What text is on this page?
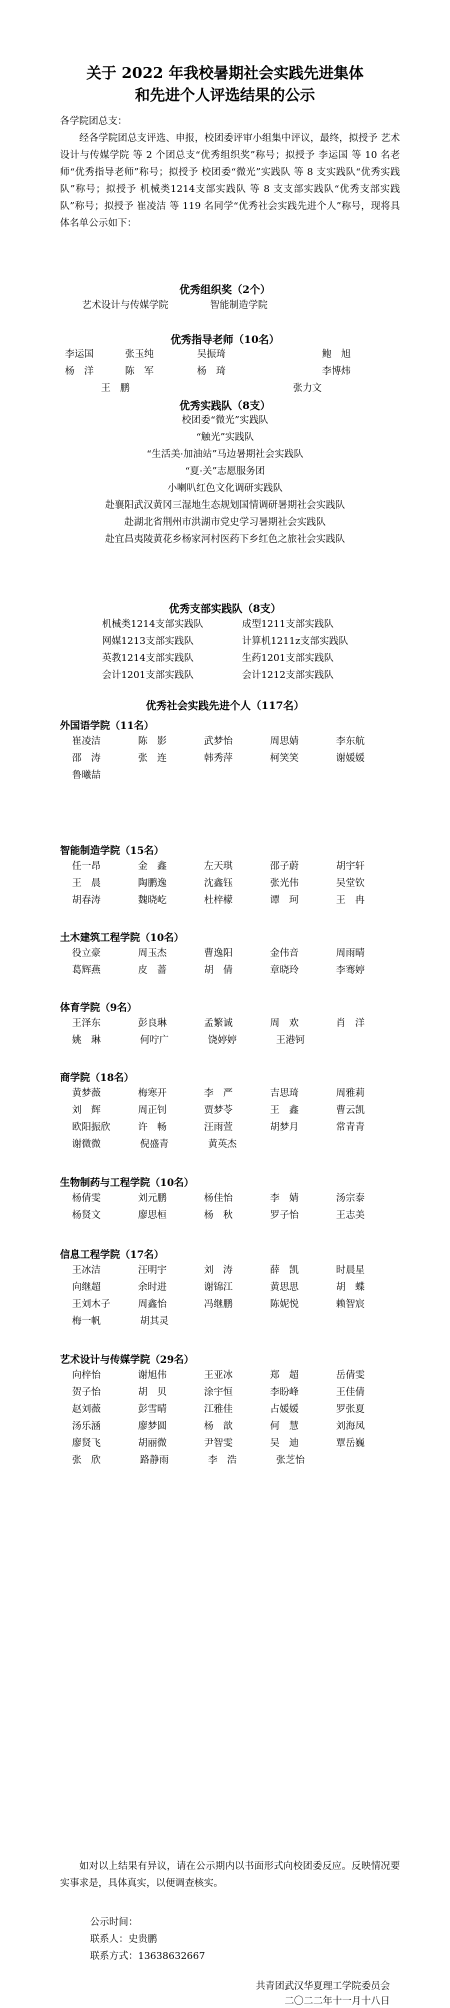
关于 2022 年我校暑期社会实践先进集体
和先进个人评选结果的公示

各学院团总支：

经各学院团总支评选、申报，校团委评审小组集中评议，最终，拟授予 艺术设计与传媒学院 等 2 个团总支“优秀组织奖”称号；拟授予 李运国 等 10 名老师“优秀指导老师”称号；拟授予 校团委“微光”实践队 等 8 支实践队“优秀实践队”称号；拟授予 机械类1214支部实践队 等 8 支支部实践队“优秀支部实践队”称号；拟授予 崔凌洁 等 119 名同学“优秀社会实践先进个人”称号，现将具体名单公示如下：

优秀组织奖（2个）
艺术设计与传媒学院	智能制造学院
优秀指导老师（10名）
李运国	张玉纯	吴振琦	鲍　旭
杨　洋	陈　军	杨　琦	李博炜
王　鹏	张力文
优秀实践队（8支）
校团委“微光”实践队
“触光”实践队
“生活美·加油站”马边暑期社会实践队
“夏·关”志愿服务团
小喇叭红色文化调研实践队
赴襄阳武汉黄冈三湿地生态规划国情调研暑期社会实践队
赴湖北省荆州市洪湖市党史学习暑期社会实践队
赴宜昌夷陵黄花乡杨家河村医药下乡红色之旅社会实践队
优秀支部实践队（8支）
机械类1214支部实践队	成型1211支部实践队
网媒1213支部实践队	计算机1211z支部实践队
英教1214支部实践队	生药1201支部实践队
会计1201支部实践队	会计1212支部实践队
优秀社会实践先进个人（117名）
外国语学院（11名）
崔凌洁	陈　影	武梦怡	周思婧	李东航
邵　涛	张　连	韩秀萍	柯笑笑	谢媛媛
鲁曦喆
智能制造学院（15名）
任一昂	金　鑫	左天琪	邵子蔚	胡宇轩
王　晨	陶鹏逸	沈鑫钰	张光伟	吴堂钦
胡春涛	魏晓屹	杜梓檬	谭　珂	王　冉
土木建筑工程学院（10名）
役立豪	周玉杰	曹逸阳	金伟音	周雨晴
葛辉燕	皮　蔷	胡　倩	章晓玲	李骞婷
体育学院（9名）
王泽东	彭良琳	孟繁诚	周　欢	肖　洋
姚　琳	何咛广	饶婷婷	王港钶
商学院（18名）
黄梦薇	梅寒开	李　严	吉思琦	周雅莉
刘　辉	周正钊	贾梦苓	王　鑫	曹云凯
欧阳振欣	许　畅	汪雨萱	胡梦月	常青青
谢微微	倪盛青	黄英杰
生物制药与工程学院（10名）
杨倩雯	刘元鹏	杨佳怡	李　婧	汤宗泰
杨贤文	廖思桓	杨　秋	罗子怡	王志美
信息工程学院（17名）
王冰洁	汪明宇	刘　涛	薛　凯	时晨星
向继超	余时进	谢锦江	黄思思	胡　蝶
王刘木子	周鑫怡	冯继鹏	陈妮悦	赖智宸
梅一帆	胡其灵
艺术设计与传媒学院（29名）
向梓怡	谢旭伟	王亚冰	郑　超	岳倩雯
贺子怡	胡　贝	涂宇恒	李盼峰	王佳倩
赵刘薇	彭雪晴	江雅佳	占媛媛	罗张夏
汤乐涵	廖梦圆	杨　歆	何　慧	刘海凤
廖贤飞	胡丽微	尹智雯	吴　迪	覃岳巍
张　欣	路静雨	李　浩	张芝怡
如对以上结果有异议，请在公示期内以书面形式向校团委反应。反映情况要实事求是，具体真实，以便调查核实。
公示时间：
联系人：史贵鹏
联系方式：13638632667
共青团武汉华夏理工学院委员会
二〇二二年十一月十八日
